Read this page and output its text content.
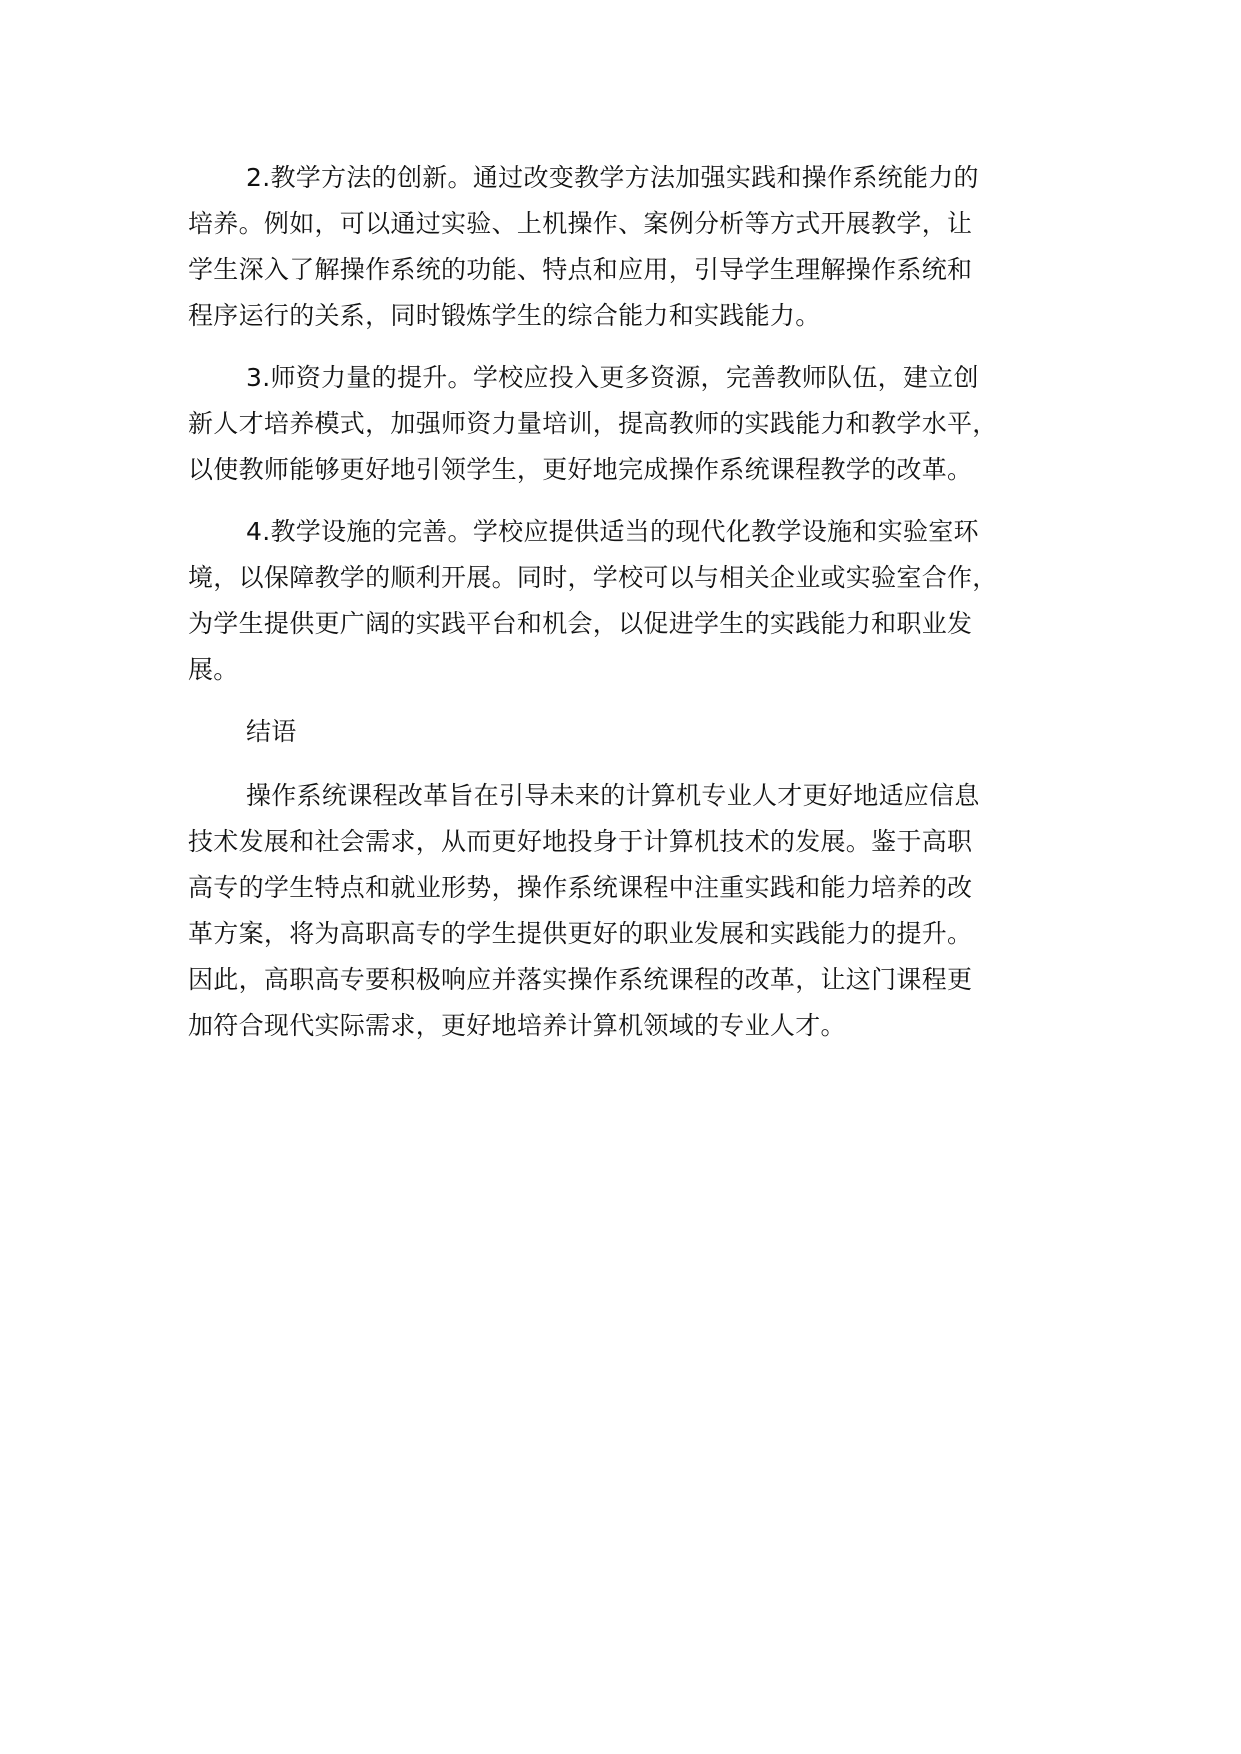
2.教学方法的创新。通过改变教学方法加强实践和操作系统能力的
培养。例如，可以通过实验、上机操作、案例分析等方式开展教学，让
学生深入了解操作系统的功能、特点和应用，引导学生理解操作系统和
程序运行的关系，同时锻炼学生的综合能力和实践能力。

3.师资力量的提升。学校应投入更多资源，完善教师队伍，建立创
新人才培养模式，加强师资力量培训，提高教师的实践能力和教学水平，
以使教师能够更好地引领学生，更好地完成操作系统课程教学的改革。

4.教学设施的完善。学校应提供适当的现代化教学设施和实验室环
境，以保障教学的顺利开展。同时，学校可以与相关企业或实验室合作，
为学生提供更广阔的实践平台和机会，以促进学生的实践能力和职业发
展。

结语

操作系统课程改革旨在引导未来的计算机专业人才更好地适应信息
技术发展和社会需求，从而更好地投身于计算机技术的发展。鉴于高职
高专的学生特点和就业形势，操作系统课程中注重实践和能力培养的改
革方案，将为高职高专的学生提供更好的职业发展和实践能力的提升。
因此，高职高专要积极响应并落实操作系统课程的改革，让这门课程更
加符合现代实际需求，更好地培养计算机领域的专业人才。
